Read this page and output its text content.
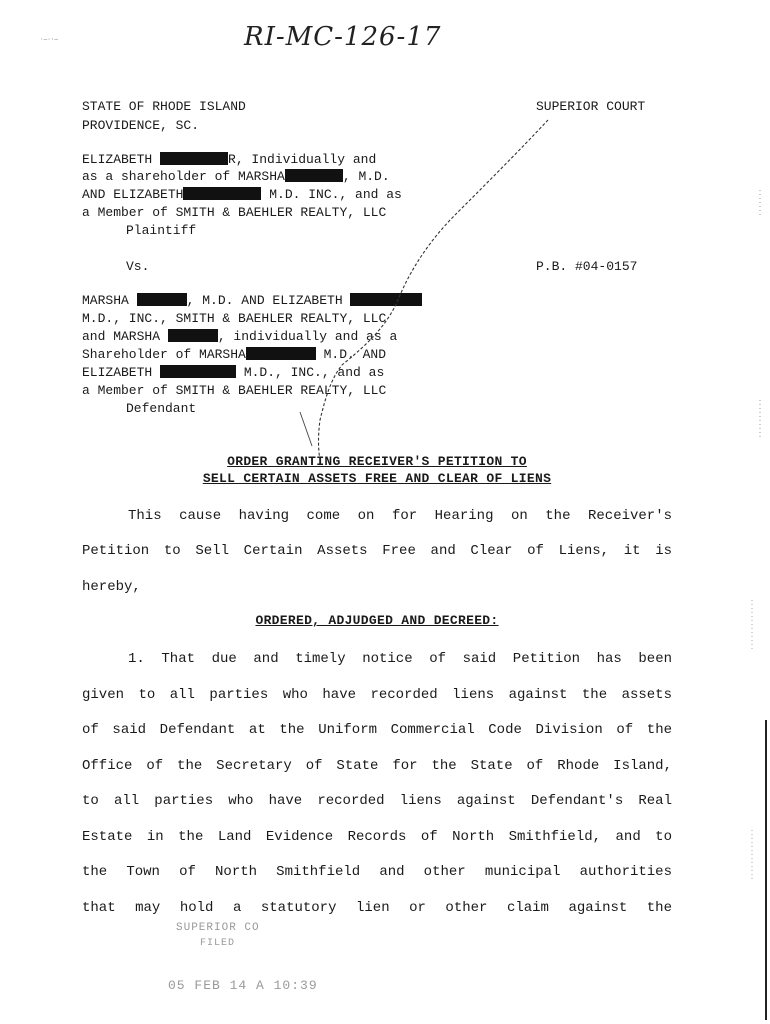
·─··─	RI-MC-126-17
STATE OF RHODE ISLAND
PROVIDENCE, SC.
SUPERIOR COURT
ELIZABETH	R, Individually and
as a shareholder of MARSHA	, M.D.
AND ELIZABETH	M.D. INC., and as
a Member of SMITH & BAEHLER REALTY, LLC
Plaintiff
Vs.	P.B. #04-0157
MARSHA	, M.D. AND ELIZABETH
M.D., INC., SMITH & BAEHLER REALTY, LLC
and MARSHA	, individually and as a
Shareholder of MARSHA	M.D. AND
ELIZABETH	M.D., INC., and as
a Member of SMITH & BAEHLER REALTY, LLC
Defendant
ORDER GRANTING RECEIVER'S PETITION TO
SELL CERTAIN ASSETS FREE AND CLEAR OF LIENS
This cause having come on for Hearing on the Receiver's
Petition to Sell Certain Assets Free and Clear of Liens, it is
hereby,
ORDERED, ADJUDGED AND DECREED:
1. That due and timely notice of said Petition has been
given to all parties who have recorded liens against the assets
of said Defendant at the Uniform Commercial Code Division of the
Office of the Secretary of State for the State of Rhode Island,
to all parties who have recorded liens against Defendant's Real
Estate in the Land Evidence Records of North Smithfield, and to
the Town of North Smithfield and other municipal authorities
that may hold a statutory lien or other claim against the
SUPERIOR CO
FILED
05 FEB 14 A 10:39
